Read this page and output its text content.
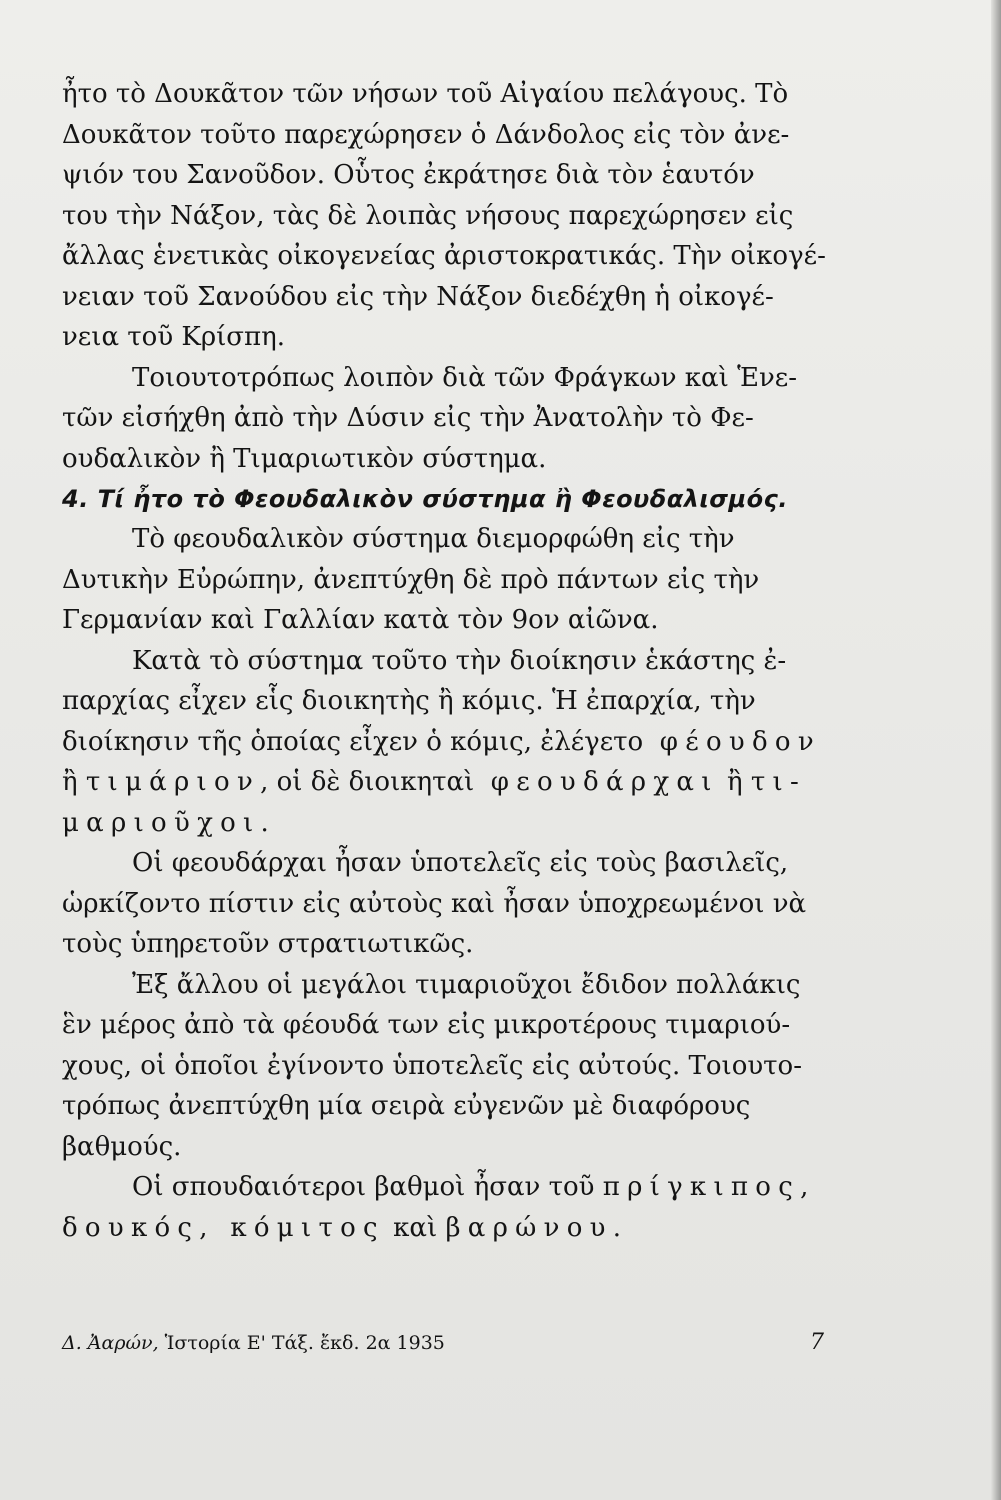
ἦτο τὸ Δουκᾶτον τῶν νήσων τοῦ Αἰγαίου πελάγους. Τὸ
Δουκᾶτον τοῦτο παρεχώρησεν ὁ Δάνδολος εἰς τὸν ἀνε-
ψιόν του Σανοῦδον. Οὗτος ἐκράτησε διὰ τὸν ἑαυτόν
του τὴν Νάξον, τὰς δὲ λοιπὰς νήσους παρεχώρησεν εἰς
ἄλλας ἑνετικὰς οἰκογενείας ἀριστοκρατικάς. Τὴν οἰκογέ-
νειαν τοῦ Σανούδου εἰς τὴν Νάξον διεδέχθη ἡ οἰκογέ-
νεια τοῦ Κρίσπη.

Τοιουτοτρόπως λοιπὸν διὰ τῶν Φράγκων καὶ Ἑνε-
τῶν εἰσήχθη ἀπὸ τὴν Δύσιν εἰς τὴν Ἀνατολὴν τὸ Φε-
ουδαλικὸν ἢ Τιμαριωτικὸν σύστημα.

4. Τί ἦτο τὸ Φεουδαλικὸν σύστημα ἢ Φεουδαλισμός.

Τὸ φεουδαλικὸν σύστημα διεμορφώθη εἰς τὴν
Δυτικὴν Εὐρώπην, ἀνεπτύχθη δὲ πρὸ πάντων εἰς τὴν
Γερμανίαν καὶ Γαλλίαν κατὰ τὸν 9ον αἰῶνα.

Κατὰ τὸ σύστημα τοῦτο τὴν διοίκησιν ἑκάστης ἐ-
παρχίας εἶχεν εἷς διοικητὴς ἢ κόμις. Ἡ ἐπαρχία, τὴν
διοίκησιν τῆς ὁποίας εἶχεν ὁ κόμις, ἐλέγετο φέουδον
ἢ τιμάριον, οἱ δὲ διοικηταὶ φεουδάρχαι ἢ τι-
μαριοῦχοι.

Οἱ φεουδάρχαι ἦσαν ὑποτελεῖς εἰς τοὺς βασιλεῖς,
ὡρκίζοντο πίστιν εἰς αὐτοὺς καὶ ἦσαν ὑποχρεωμένοι νὰ
τοὺς ὑπηρετοῦν στρατιωτικῶς.

Ἐξ ἄλλου οἱ μεγάλοι τιμαριοῦχοι ἔδιδον πολλάκις
ἓν μέρος ἀπὸ τὰ φέουδά των εἰς μικροτέρους τιμαριού-
χους, οἱ ὁποῖοι ἐγίνοντο ὑποτελεῖς εἰς αὐτούς. Τοιουτο-
τρόπως ἀνεπτύχθη μία σειρὰ εὐγενῶν μὲ διαφόρους
βαθμούς.

Οἱ σπουδαιότεροι βαθμοὶ ἦσαν τοῦ πρίγκιπος,
δουκός, κόμιτος καὶ βαρώνου.

Δ. Ἀαρών, Ἱστορία Ε' Τάξ. ἔκδ. 2α 1935	7
